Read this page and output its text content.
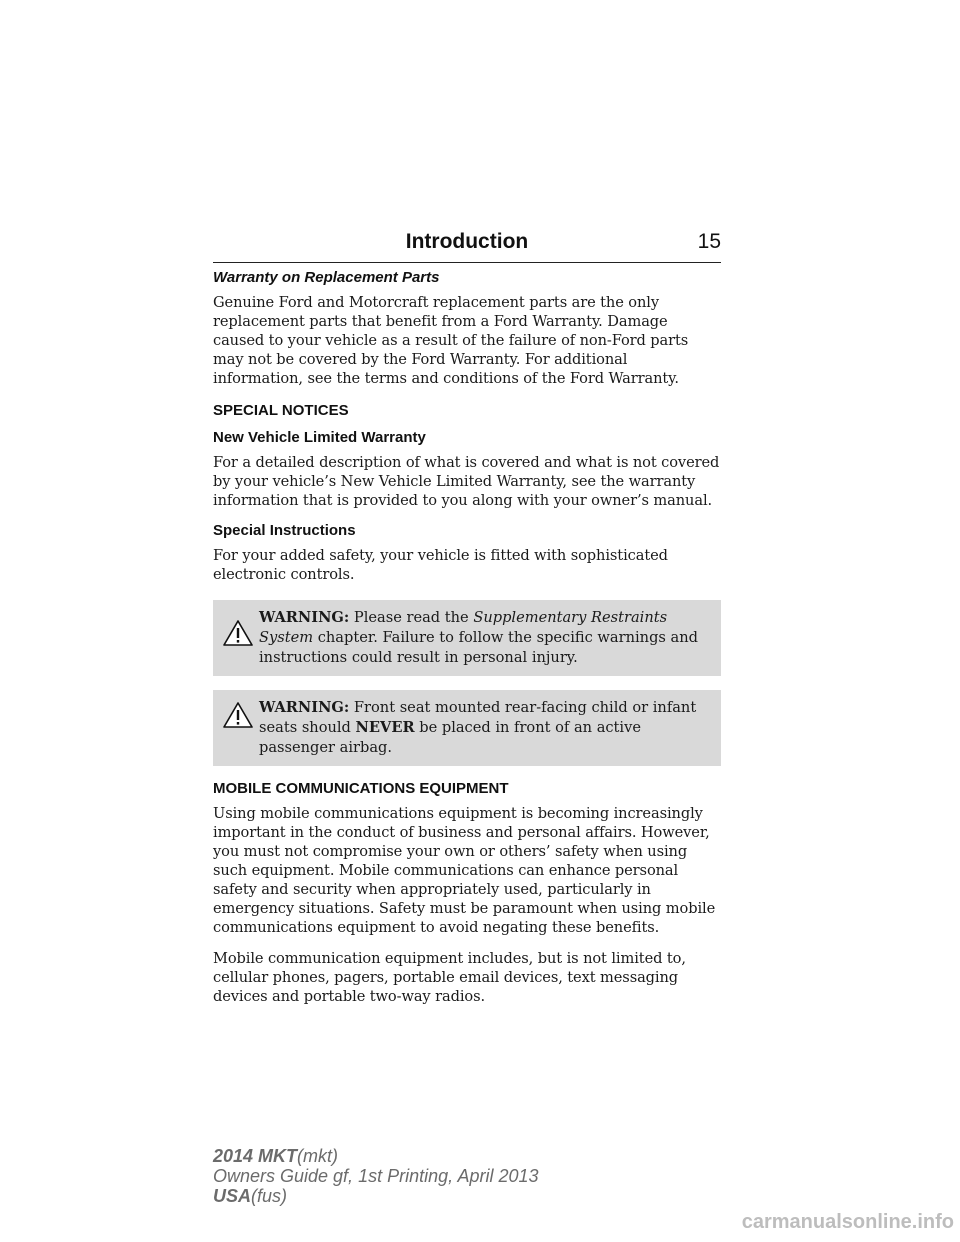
Introduction	15
Warranty on Replacement Parts

Genuine Ford and Motorcraft replacement parts are the only replacement parts that benefit from a Ford Warranty. Damage caused to your vehicle as a result of the failure of non-Ford parts may not be covered by the Ford Warranty. For additional information, see the terms and conditions of the Ford Warranty.

SPECIAL NOTICES
New Vehicle Limited Warranty

For a detailed description of what is covered and what is not covered by your vehicle’s New Vehicle Limited Warranty, see the warranty information that is provided to you along with your owner’s manual.

Special Instructions

For your added safety, your vehicle is fitted with sophisticated electronic controls.

WARNING: Please read the Supplementary Restraints System chapter. Failure to follow the specific warnings and instructions could result in personal injury.
WARNING: Front seat mounted rear-facing child or infant seats should NEVER be placed in front of an active passenger airbag.
MOBILE COMMUNICATIONS EQUIPMENT

Using mobile communications equipment is becoming increasingly important in the conduct of business and personal affairs. However, you must not compromise your own or others’ safety when using such equipment. Mobile communications can enhance personal safety and security when appropriately used, particularly in emergency situations. Safety must be paramount when using mobile communications equipment to avoid negating these benefits.

Mobile communication equipment includes, but is not limited to, cellular phones, pagers, portable email devices, text messaging devices and portable two-way radios.

2014 MKT(mkt)
Owners Guide gf, 1st Printing, April 2013
USA(fus)
carmanualsonline.info
